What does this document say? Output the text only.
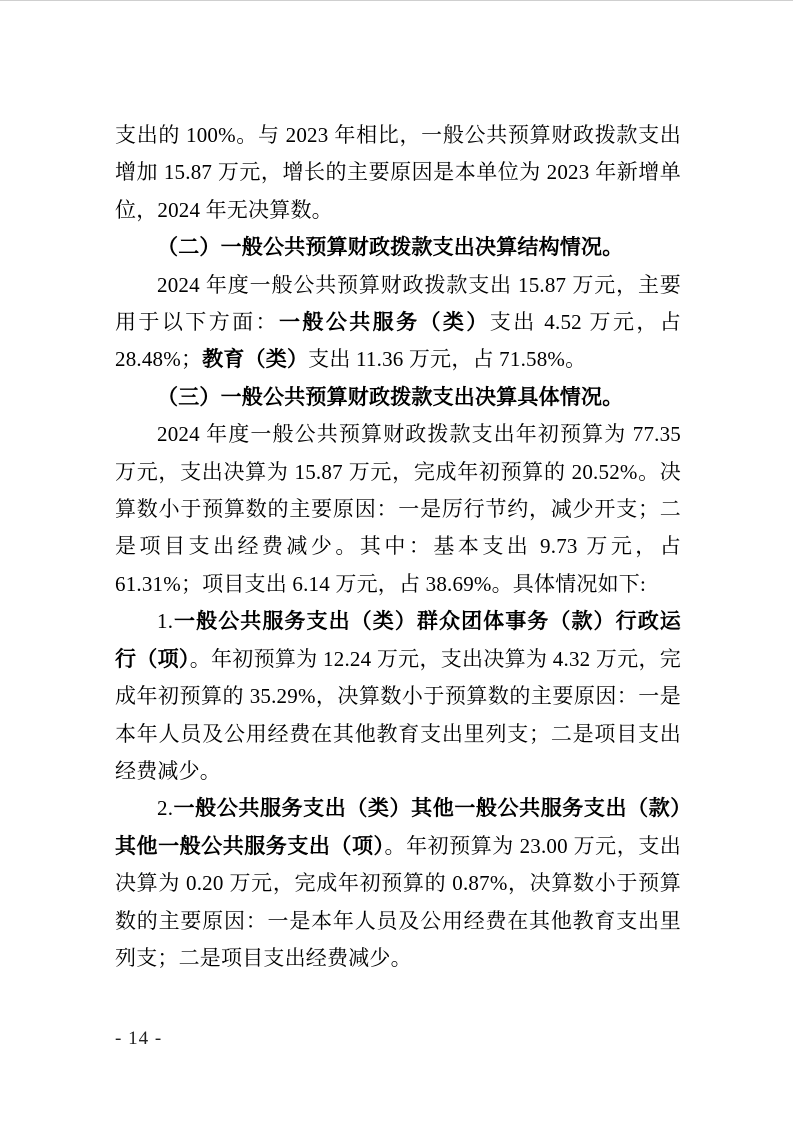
支出的 100%。与 2023 年相比，一般公共预算财政拨款支出增加 15.87 万元，增长的主要原因是本单位为 2023 年新增单位，2024 年无决算数。

（二）一般公共预算财政拨款支出决算结构情况。

2024 年度一般公共预算财政拨款支出 15.87 万元，主要用于以下方面：一般公共服务（类）支出 4.52 万元，占 28.48%；教育（类）支出 11.36 万元，占 71.58%。

（三）一般公共预算财政拨款支出决算具体情况。

2024 年度一般公共预算财政拨款支出年初预算为 77.35 万元，支出决算为 15.87 万元，完成年初预算的 20.52%。决算数小于预算数的主要原因：一是厉行节约，减少开支；二是项目支出经费减少。其中：基本支出 9.73 万元，占 61.31%；项目支出 6.14 万元，占 38.69%。具体情况如下:

1.一般公共服务支出（类）群众团体事务（款）行政运行（项）。年初预算为 12.24 万元，支出决算为 4.32 万元，完成年初预算的 35.29%，决算数小于预算数的主要原因：一是本年人员及公用经费在其他教育支出里列支；二是项目支出经费减少。

2.一般公共服务支出（类）其他一般公共服务支出（款）其他一般公共服务支出（项）。年初预算为 23.00 万元，支出决算为 0.20 万元，完成年初预算的 0.87%，决算数小于预算数的主要原因：一是本年人员及公用经费在其他教育支出里列支；二是项目支出经费减少。

- 14 -
